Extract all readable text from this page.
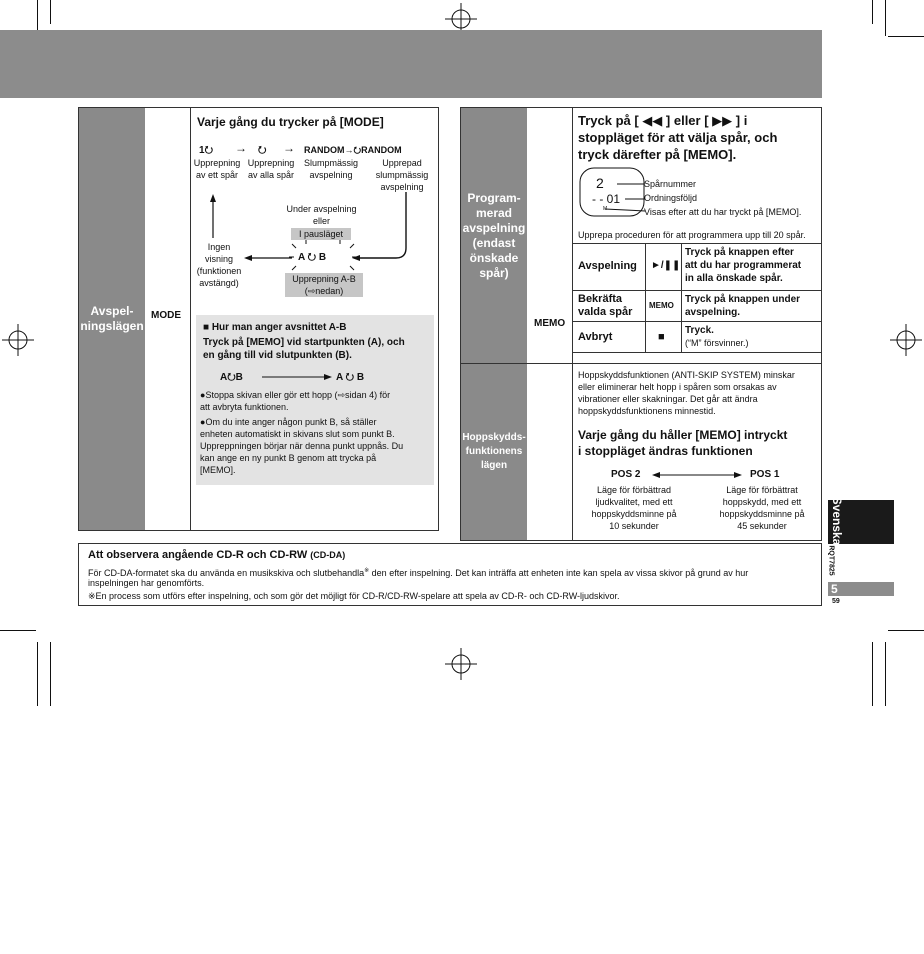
Avspel-
ningslägen
MODE
Varje gång du trycker på [MODE]
1⭮ → ⭮ → RANDOM→⭮RANDOM
Upprepning
av ett spår
Upprepning
av alla spår
Slumpmässig
avspelning
Upprepad
slumpmässig
avspelning
Under avspelning
eller
I pausläget
Ingen
visning
(funktionen
avstängd)
A ⭮ B
Upprepning A-B
(⇨nedan)
■ Hur man anger avsnittet A-B
Tryck på [MEMO] vid startpunkten (A), och
en gång till vid slutpunkten (B).
A⭮B	A ⭮ B
●Stoppa skivan eller gör ett hopp (⇨sidan 4) för
att avbryta funktionen.
●Om du inte anger någon punkt B, så ställer
enheten automatiskt in skivans slut som punkt B.
Uppreppningen börjar när denna punkt uppnås. Du
kan ange en ny punkt B genom att trycka på
[MEMO].
Program-
merad
avspelning
(endast
önskade
spår)
Hoppskydds-
funktionens
lägen
MEMO
Tryck på [ ◀◀ ] eller [ ▶▶ ] i
stoppläget för att välja spår, och
tryck därefter på [MEMO].
2
- - 01
M
Spårnummer
Ordningsföljd
Visas efter att du har tryckt på [MEMO].
Upprepa proceduren för att programmera upp till 20 spår.
Avspelning ►/❚❚
Tryck på knappen efter
att du har programmerat
in alla önskade spår.
Bekräfta
valda spår
MEMO
Tryck på knappen under
avspelning.
Avbryt	■
Tryck.
(“M” försvinner.)
Hoppskyddsfunktionen (ANTI-SKIP SYSTEM) minskar
eller eliminerar helt hopp i spåren som orsakas av
vibrationer eller skakningar. Det går att ändra
hoppskyddsfunktionens minnestid.
Varje gång du håller [MEMO] intryckt
i stoppläget ändras funktionen
POS 2	POS 1
Läge för förbättrad
ljudkvalitet, med ett
hoppskyddsminne på
10 sekunder
Läge för förbättrat
hoppskydd, med ett
hoppskyddsminne på
45 sekunder
Att observera angående CD-R och CD-RW (CD-DA)
För CD-DA-formatet ska du använda en musikskiva och slutbehandla※ den efter inspelning. Det kan inträffa att enheten inte kan spela av vissa skivor på grund av hur
inspelningen har genomförts.
※En process som utförs efter inspelning, och som gör det möjligt för CD-R/CD-RW-spelare att spela av CD-R- och CD-RW-ljudskivor.
Svenska
RQT7825
5
59
